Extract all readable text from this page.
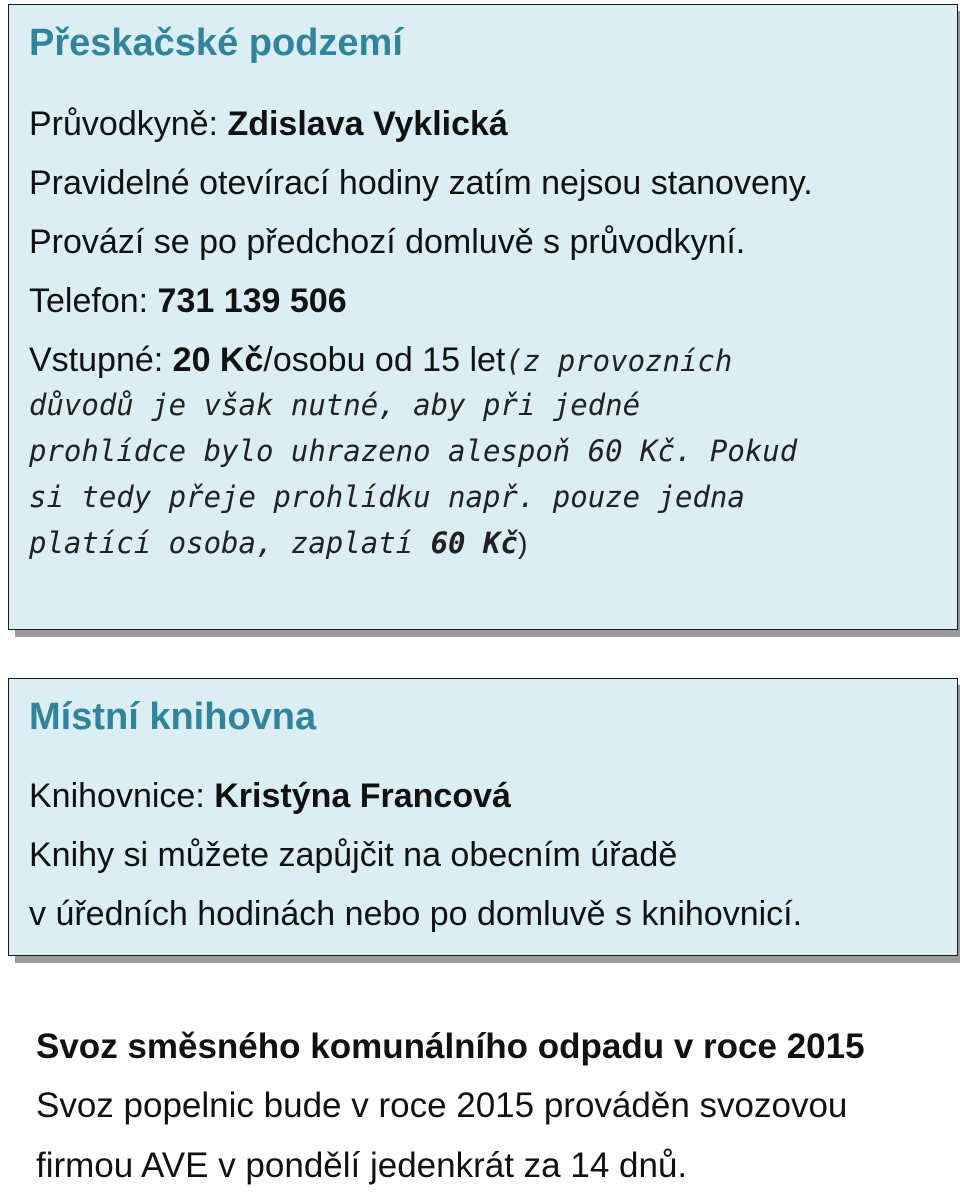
Přeskačské podzemí
Průvodkyně: Zdislava Vyklická
Pravidelné otevírací hodiny zatím nejsou stanoveny.
Provází se po předchozí domluvě s průvodkyní.
Telefon: 731 139 506
Vstupné: 20 Kč/osobu od 15 let(z provozních
důvodů je však nutné, aby při jedné
prohlídce bylo uhrazeno alespoň 60 Kč. Pokud
si tedy přeje prohlídku např. pouze jedna
platící osoba, zaplatí 60 Kč)
Místní knihovna
Knihovnice: Kristýna Francová
Knihy si můžete zapůjčit na obecním úřadě
v úředních hodinách nebo po domluvě s knihovnicí.
Svoz směsného komunálního odpadu v roce 2015
Svoz popelnic bude v roce 2015 prováděn svozovou
firmou AVE v pondělí jedenkrát za 14 dnů.
